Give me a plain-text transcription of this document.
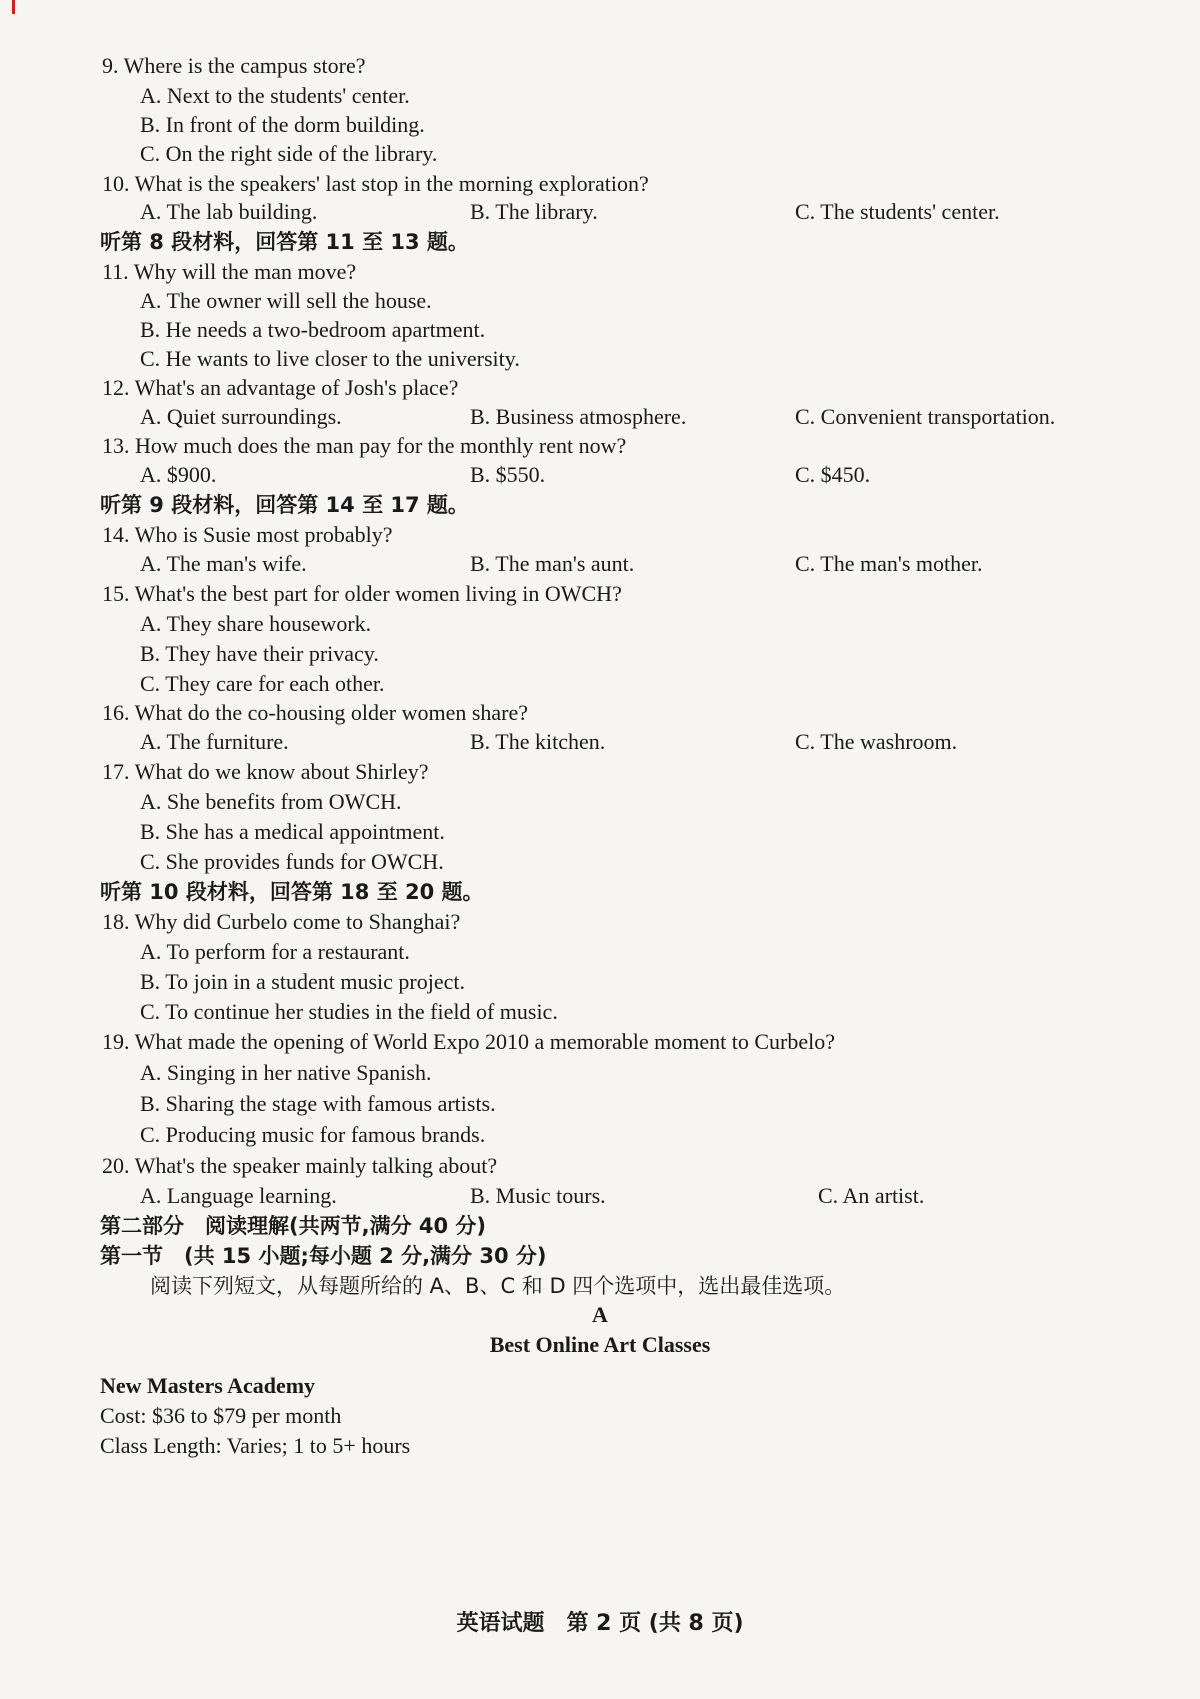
9. Where is the campus store?
A. Next to the students' center.
B. In front of the dorm building.
C. On the right side of the library.
10. What is the speakers' last stop in the morning exploration?
A. The lab building.	B. The library.	C. The students' center.
听第 8 段材料，回答第 11 至 13 题。
11. Why will the man move?
A. The owner will sell the house.
B. He needs a two-bedroom apartment.
C. He wants to live closer to the university.
12. What's an advantage of Josh's place?
A. Quiet surroundings.	B. Business atmosphere.	C. Convenient transportation.
13. How much does the man pay for the monthly rent now?
A. $900.	B. $550.	C. $450.
听第 9 段材料，回答第 14 至 17 题。
14. Who is Susie most probably?
A. The man's wife.	B. The man's aunt.	C. The man's mother.
15. What's the best part for older women living in OWCH?
A. They share housework.
B. They have their privacy.
C. They care for each other.
16. What do the co-housing older women share?
A. The furniture.	B. The kitchen.	C. The washroom.
17. What do we know about Shirley?
A. She benefits from OWCH.
B. She has a medical appointment.
C. She provides funds for OWCH.
听第 10 段材料，回答第 18 至 20 题。
18. Why did Curbelo come to Shanghai?
A. To perform for a restaurant.
B. To join in a student music project.
C. To continue her studies in the field of music.
19. What made the opening of World Expo 2010 a memorable moment to Curbelo?
A. Singing in her native Spanish.
B. Sharing the stage with famous artists.
C. Producing music for famous brands.
20. What's the speaker mainly talking about?
A. Language learning.	B. Music tours.	C. An artist.
第二部分　阅读理解(共两节,满分 40 分)
第一节　(共 15 小题;每小题 2 分,满分 30 分)
阅读下列短文，从每题所给的 A、B、C 和 D 四个选项中，选出最佳选项。
A
Best Online Art Classes
New Masters Academy
Cost: $36 to $79 per month
Class Length: Varies; 1 to 5+ hours
英语试题　第 2 页 (共 8 页)
